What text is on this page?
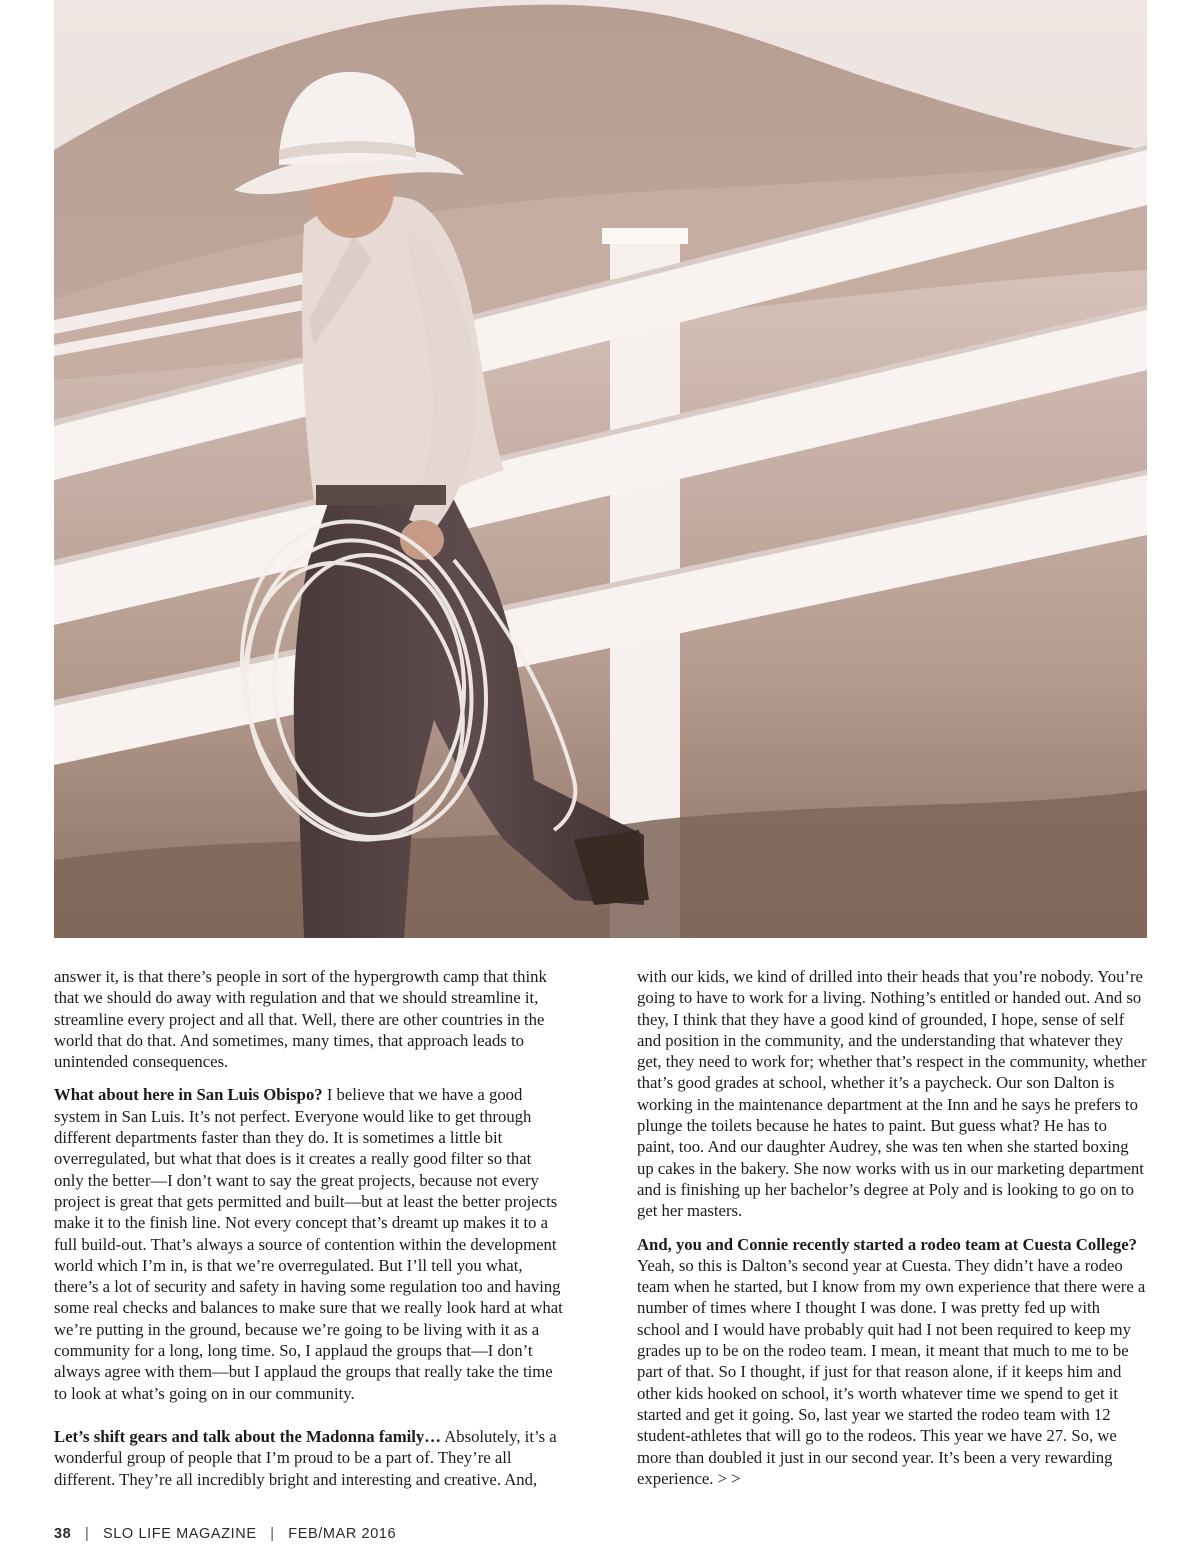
answer it, is that there’s people in sort of the hypergrowth camp that think that we should do away with regulation and that we should streamline it, streamline every project and all that. Well, there are other countries in the world that do that. And sometimes, many times, that approach leads to unintended consequences.

What about here in San Luis Obispo? I believe that we have a good system in San Luis. It’s not perfect. Everyone would like to get through different departments faster than they do. It is sometimes a little bit overregulated, but what that does is it creates a really good filter so that only the better—I don’t want to say the great projects, because not every project is great that gets permitted and built—but at least the better projects make it to the finish line. Not every concept that’s dreamt up makes it to a full build-out. That’s always a source of contention within the development world which I’m in, is that we’re overregulated. But I’ll tell you what, there’s a lot of security and safety in having some regulation too and having some real checks and balances to make sure that we really look hard at what we’re putting in the ground, because we’re going to be living with it as a community for a long, long time. So, I applaud the groups that—I don’t always agree with them—but I applaud the groups that really take the time to look at what’s going on in our community.

Let’s shift gears and talk about the Madonna family… Absolutely, it’s a wonderful group of people that I’m proud to be a part of. They’re all different. They’re all incredibly bright and interesting and creative. And,

with our kids, we kind of drilled into their heads that you’re nobody. You’re going to have to work for a living. Nothing’s entitled or handed out. And so they, I think that they have a good kind of grounded, I hope, sense of self and position in the community, and the understanding that whatever they get, they need to work for; whether that’s respect in the community, whether that’s good grades at school, whether it’s a paycheck. Our son Dalton is working in the maintenance department at the Inn and he says he prefers to plunge the toilets because he hates to paint. But guess what? He has to paint, too. And our daughter Audrey, she was ten when she started boxing up cakes in the bakery. She now works with us in our marketing department and is finishing up her bachelor’s degree at Poly and is looking to go on to get her masters.

And, you and Connie recently started a rodeo team at Cuesta College? Yeah, so this is Dalton’s second year at Cuesta. They didn’t have a rodeo team when he started, but I know from my own experience that there were a number of times where I thought I was done. I was pretty fed up with school and I would have probably quit had I not been required to keep my grades up to be on the rodeo team. I mean, it meant that much to me to be part of that. So I thought, if just for that reason alone, if it keeps him and other kids hooked on school, it’s worth whatever time we spend to get it started and get it going. So, last year we started the rodeo team with 12 student-athletes that will go to the rodeos. This year we have 27. So, we more than doubled it just in our second year. It’s been a very rewarding experience. > >

38 | SLO LIFE MAGAZINE | FEB/MAR 2016
